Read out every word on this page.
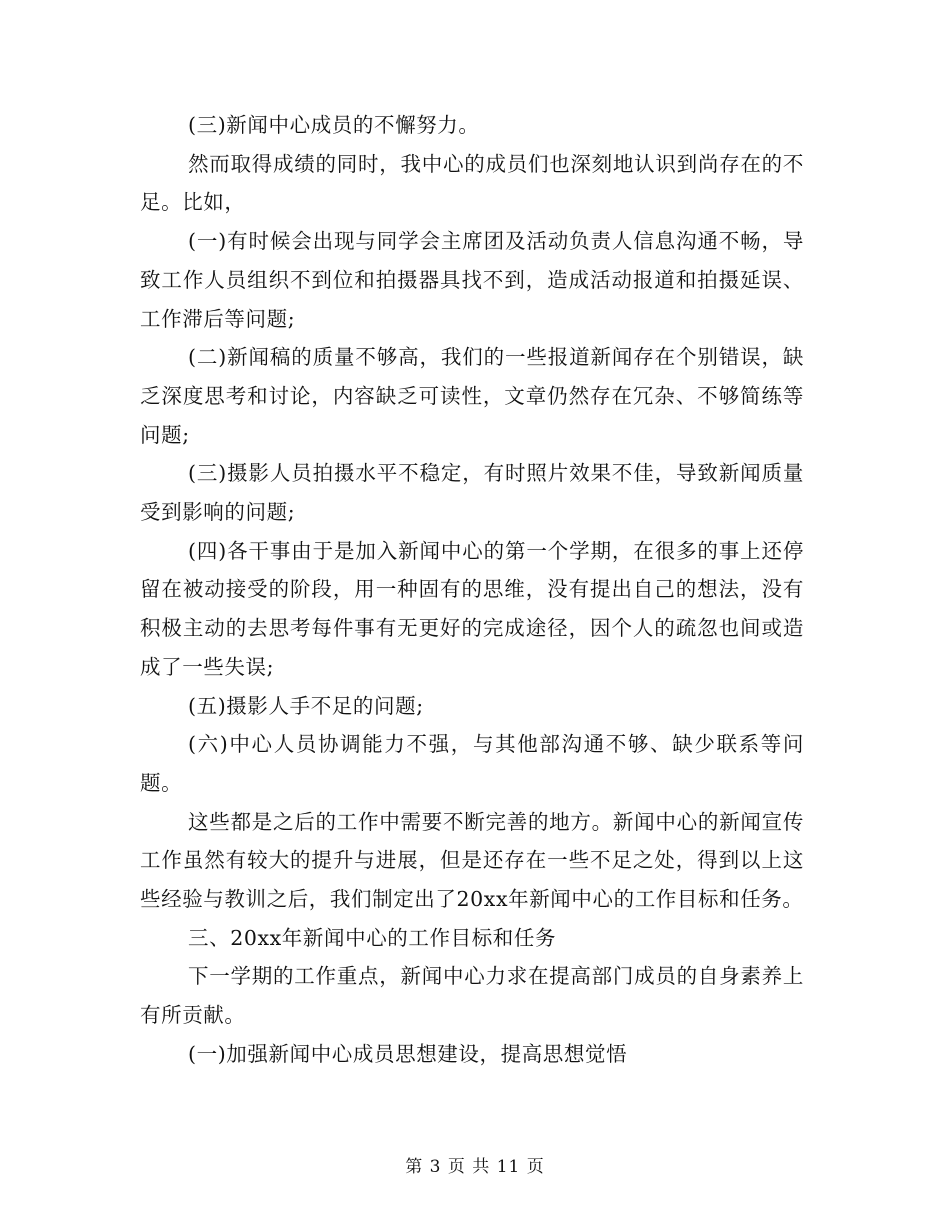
(三)新闻中心成员的不懈努力。

然而取得成绩的同时，我中心的成员们也深刻地认识到尚存在的不足。比如，

(一)有时候会出现与同学会主席团及活动负责人信息沟通不畅，导致工作人员组织不到位和拍摄器具找不到，造成活动报道和拍摄延误、工作滞后等问题;

(二)新闻稿的质量不够高，我们的一些报道新闻存在个别错误，缺乏深度思考和讨论，内容缺乏可读性，文章仍然存在冗杂、不够简练等问题;

(三)摄影人员拍摄水平不稳定，有时照片效果不佳，导致新闻质量受到影响的问题;

(四)各干事由于是加入新闻中心的第一个学期，在很多的事上还停留在被动接受的阶段，用一种固有的思维，没有提出自己的想法，没有积极主动的去思考每件事有无更好的完成途径，因个人的疏忽也间或造成了一些失误;

(五)摄影人手不足的问题;

(六)中心人员协调能力不强，与其他部沟通不够、缺少联系等问题。

这些都是之后的工作中需要不断完善的地方。新闻中心的新闻宣传工作虽然有较大的提升与进展，但是还存在一些不足之处，得到以上这些经验与教训之后，我们制定出了20xx年新闻中心的工作目标和任务。

三、20xx年新闻中心的工作目标和任务

下一学期的工作重点，新闻中心力求在提高部门成员的自身素养上有所贡献。

(一)加强新闻中心成员思想建设，提高思想觉悟

第 3 页 共 11 页
